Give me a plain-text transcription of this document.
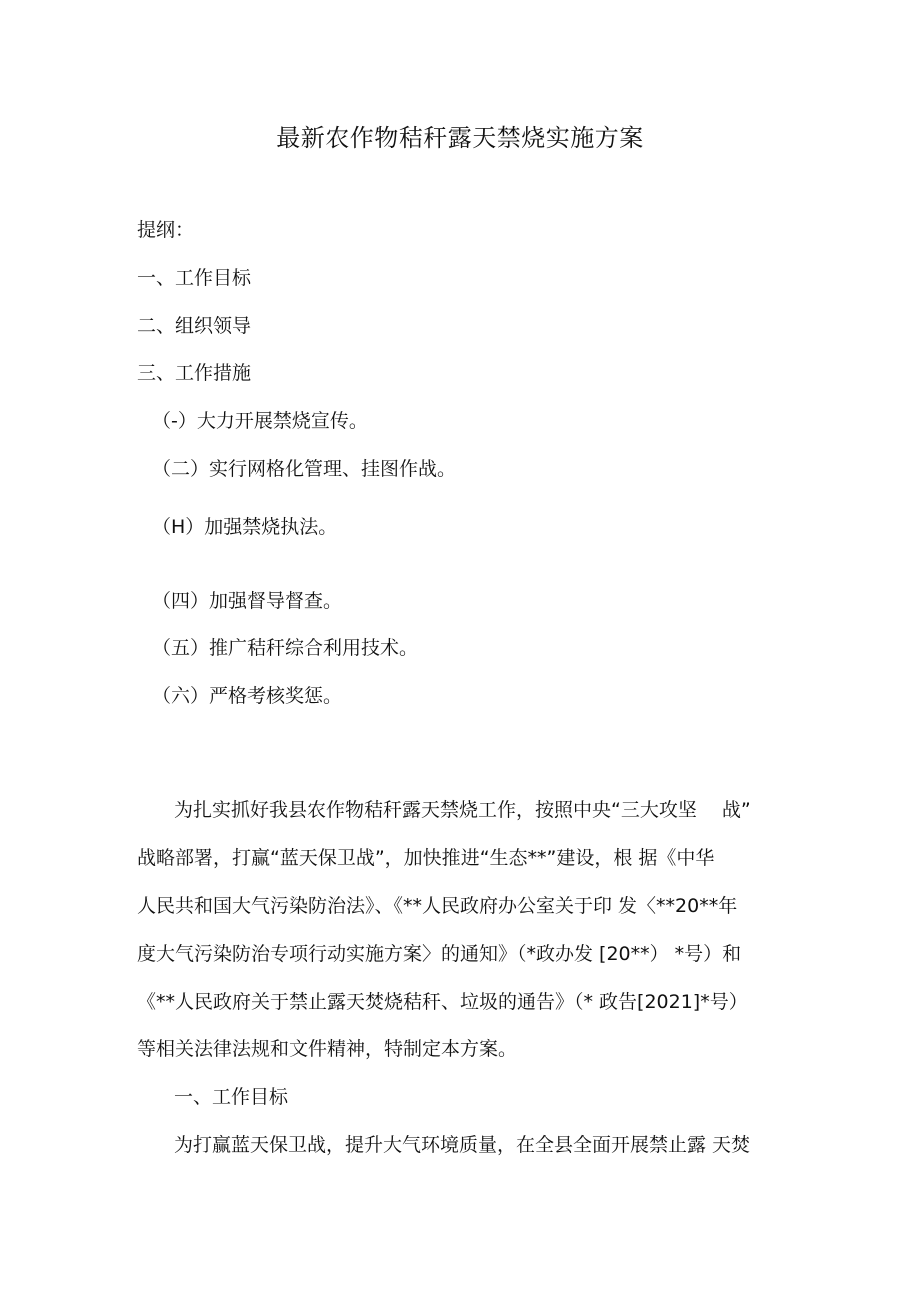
最新农作物秸秆露天禁烧实施方案

提纲：

一、工作目标

二、组织领导

三、工作措施

（-）大力开展禁烧宣传。

（二）实行网格化管理、挂图作战。

（H）加强禁烧执法。

（四）加强督导督查。

（五）推广秸秆综合利用技术。

（六）严格考核奖惩。

为扎实抓好我县农作物秸秆露天禁烧工作，按照中央“三大攻坚　 战”

战略部署，打赢“蓝天保卫战”，加快推进“生态**”建设，根 据《中华

人民共和国大气污染防治法》、《**人民政府办公室关于印 发〈**20**年

度大气污染防治专项行动实施方案〉的通知》（*政办发 [20**） *号）和

《**人民政府关于禁止露天焚烧秸秆、垃圾的通告》（* 政告[2021]*号）

等相关法律法规和文件精神，特制定本方案。

一、工作目标

为打赢蓝天保卫战，提升大气环境质量，在全县全面开展禁止露 天焚
